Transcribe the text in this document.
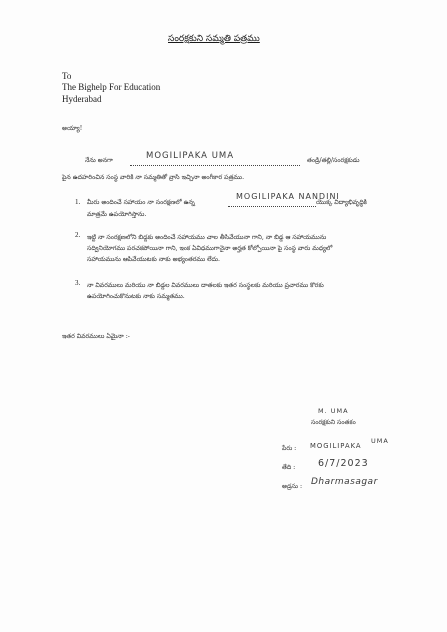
సంరక్షకుని సమ్మతి పత్రము
To
The Bighelp For Education
Hyderabad
అయ్యా!
నేను అనగా	MOGILIPAKA UMA	తండ్రి/తల్లి/సంరక్షకుడు
పైన ఉదహరించిన సంస్థ వారికి నా సమ్మతితో వ్రాసి ఇచ్చినా అంగీకార పత్రము.
1. మీరు అందించే సహాయం నా సంరక్షణలో ఉన్న
MOGILIPAKA NANDINI
యొక్క విద్యాభివృద్ధికి
మాత్రమే ఉపయోగిస్తాను.
2. ఇట్టి నా సంరక్షణలోని బిడ్డకు అందించే సహాయము చాల తీసివేయునా గాని, నా బిడ్డ ఆ సహాయమును
సద్వినియోగము పరచకపోయినా గాని, ఇంక ఏవిధముగానైనా అర్హత కోల్పోయినా పై సంస్థ వారు మధ్యలో
సహాయమును ఆపివేయుటకు నాకు అభ్యంతరము లేదు.
3. నా వివరములు మరియు నా బిడ్డల వివరములు దాతలకు ఇతర సంస్థలకు మరియు ప్రచారము కొరకు
ఉపయోగించుకొనుటకు నాకు సమ్మతము.
ఇతర వివరములు ఏమైనా :-
M. UMA
సంరక్షకుని సంతకం
పేరు : MOGILIPAKA
UMA
తేది : 6/7/2023
అడ్రసు : Dharmasagar
